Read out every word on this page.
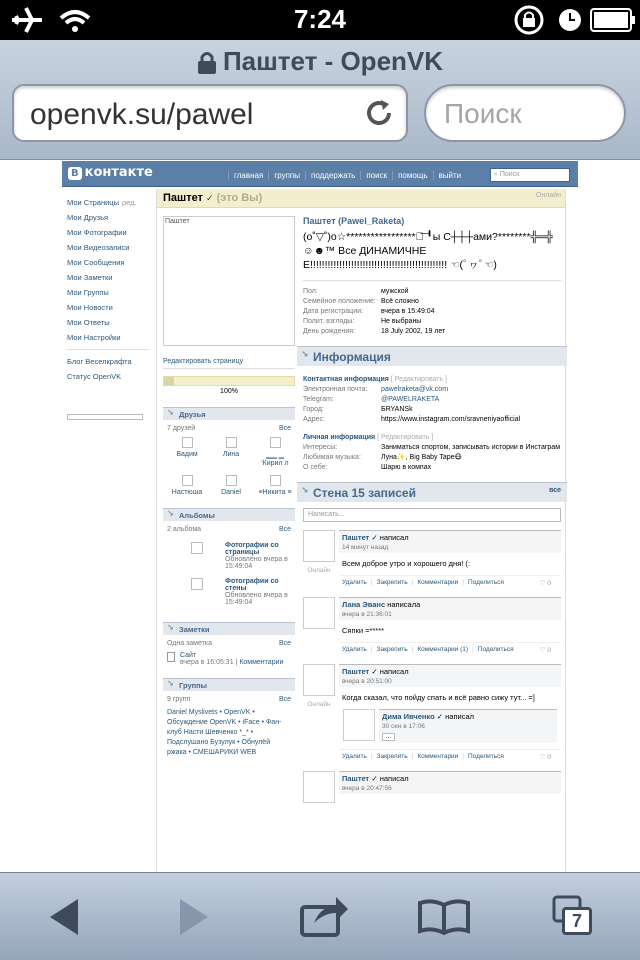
7:24
Паштет - OpenVK
openvk.su/pawel	Поиск
В контакте	главная	группы	поддержать	поиск	помощь	выйти	⌕ Поиск
Мои Страницы ред.
Мои Друзья
Мои Фотографии
Мои Видеозаписи
Мои Сообщения
Мои Заметки
Мои Группы
Мои Новости
Мои Ответы
Мои Настройки
Блог Веселкрафта
Статус OpenVK
Паштет ✓ (это Вы)	Онлайн
Паштет
Редактировать страницу
100%
↘ Друзья
7 друзей	Все
Вадим	Лина	▁▁ ▁ ⁱКирил л
Настюша	Daniel	≡Никита ≡
↘ Альбомы
2 альбома	Все
Фотографии со страницы
Обновлено вчера в 15:49:04
Фотографии со стены
Обновлено вчера в 15:49:04
↘ Заметки
Одна заметка	Все
Сайт
вчера в 16:05:31 | Комментарии
↘ Группы
9 групп	Все
Daniel Myslivets • OpenVK • Обсуждение OpenVK • iFace • Фан- клуб Насти Шевченко *_* • Подслушано Бузулук • Обнулёй ржака • СМЕШАРИКИ WEB
Паштет (Pawel_Raketa)
(o˚▽˚)o☆*****************ツ͞ ╹ы C┼┼┼ами?********╬═╬ ☺☻™ Все ДИНАМИЧНЕЕ!!!!!!!!!!!!!!!!!!!!!!!!!!!!!!!!!!!!!!!!!!!!!!! ☜(ﾟヮﾟ☜)
Пол:	мужской
Семейное положение: Всё сложно
Дата регистрации:	вчера в 15:49:04
Полит. взгляды:	Не выбраны
День рождения:	18 July 2002, 19 лет
↘ Информация
Контактная информация [ Редактировать ]
Электронная почта:	pawelraketa@vk.com
Telegram:	@PAWELRAKETA
Город:	БRYANSk
Адрес:	https://www.instagram.com/sravneniyaofficial
Личная информация [ Редактировать ]
Интересы:	Заниматься спортом, записывать истории в Инстаграм
Любимая музыка:	Луна✨, Big Baby Tape😷
О себе:	Шарю в компах
↘ Стена 15 записей	все
Написать...
Онлайн
Паштет ✓ написал
14 минут назад
Всем доброе утро и хорошего дня! (:
Удалить | Закрепить | Комментарии | Поделиться	♡ 0
Лана Эванс написала
вчера в 21:36:01
Сяпки =*****
Удалить | Закрепить | Комментарии (1) | Поделиться	♡ 0
Онлайн
Паштет ✓ написал
вчера в 20:51:00
Когда сказал, что пойду спать и всё равно сижу тут... =]
Дима Ивченко ✓ написал
30 сен в 17:06
...
Удалить | Закрепить | Комментарии | Поделиться	♡ 0
Паштет ✓ написал
вчера в 20:47:56
7
